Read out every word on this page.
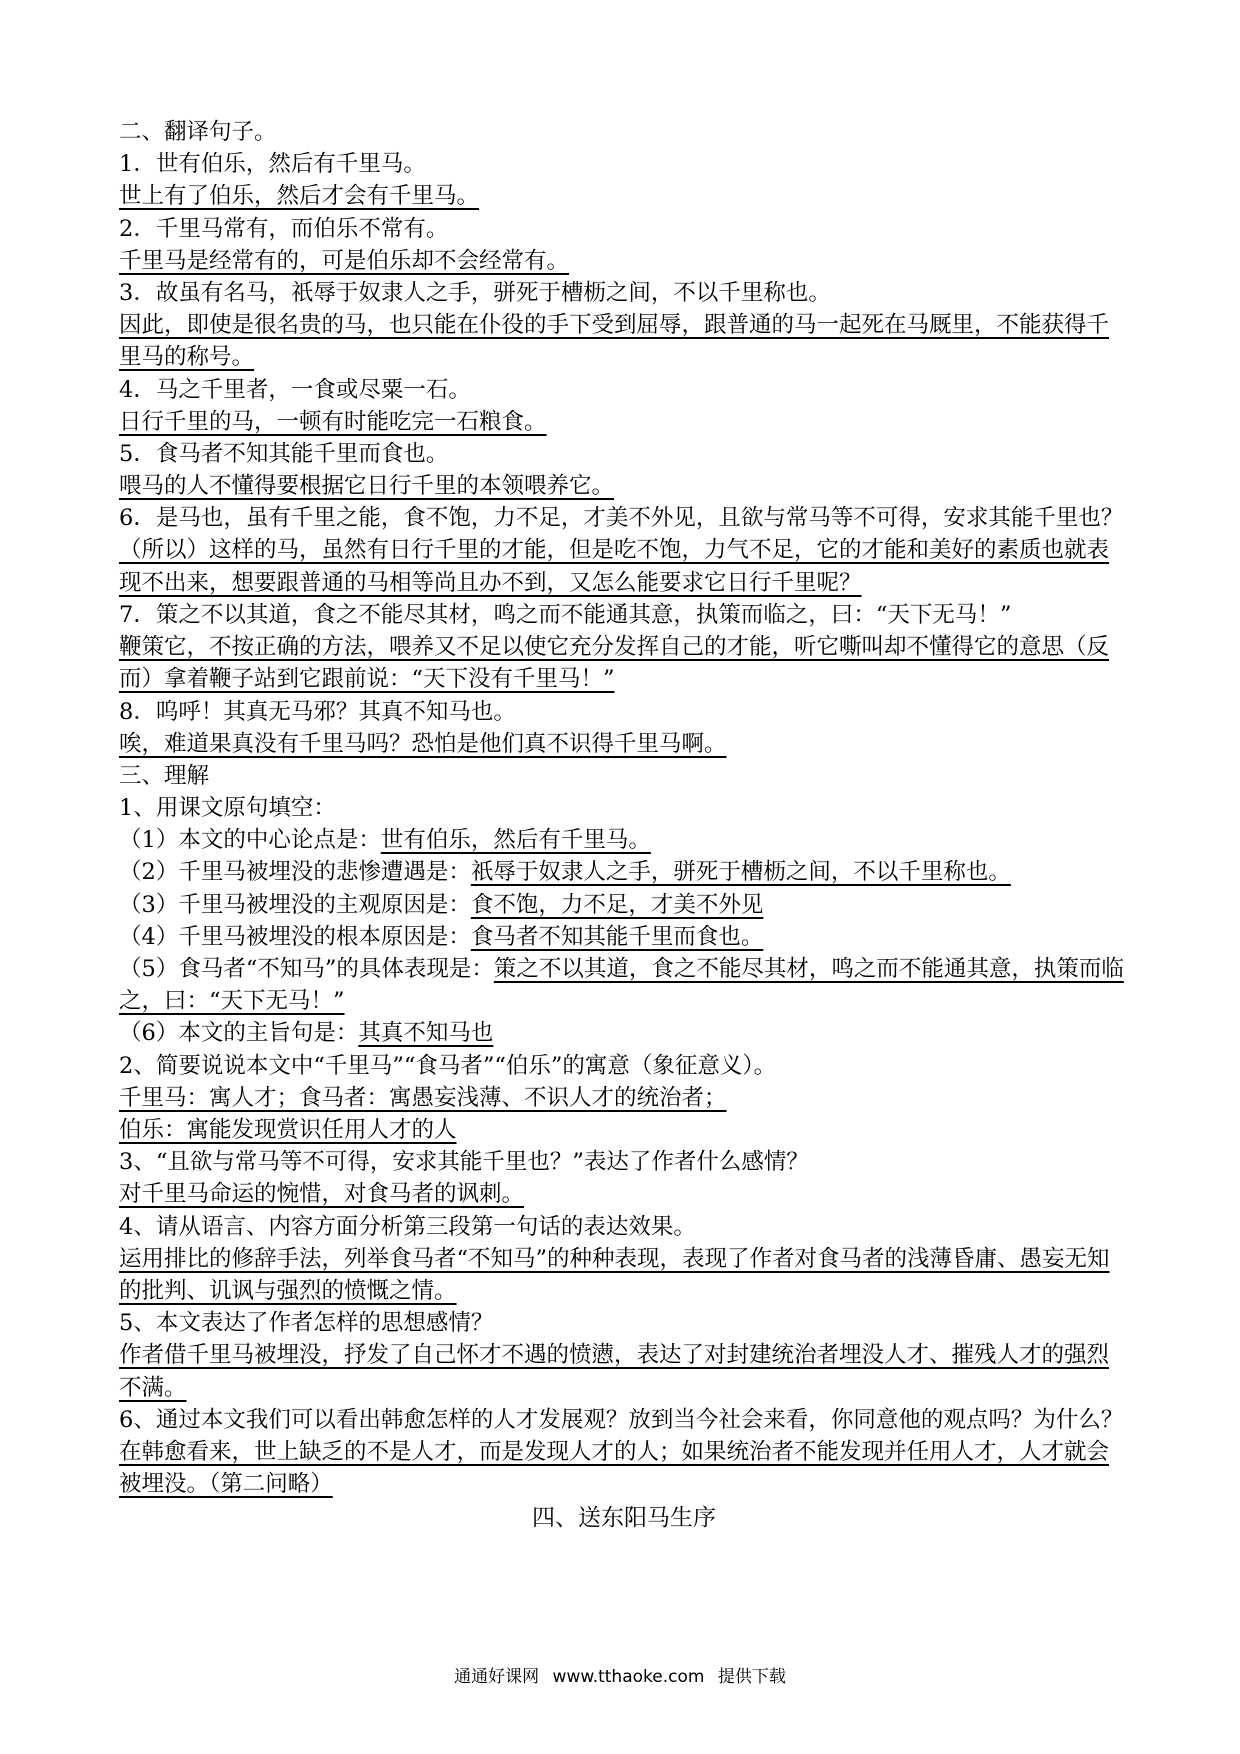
二、翻译句子。
1．世有伯乐，然后有千里马。
世上有了伯乐，然后才会有千里马。
2．千里马常有，而伯乐不常有。
千里马是经常有的，可是伯乐却不会经常有。
3．故虽有名马，祇辱于奴隶人之手，骈死于槽枥之间，不以千里称也。
因此，即使是很名贵的马，也只能在仆役的手下受到屈辱，跟普通的马一起死在马厩里，不能获得千里马的称号。
4．马之千里者，一食或尽粟一石。
日行千里的马，一顿有时能吃完一石粮食。
5．食马者不知其能千里而食也。
喂马的人不懂得要根据它日行千里的本领喂养它。
6．是马也，虽有千里之能，食不饱，力不足，才美不外见，且欲与常马等不可得，安求其能千里也？
（所以）这样的马，虽然有日行千里的才能，但是吃不饱，力气不足，它的才能和美好的素质也就表现不出来，想要跟普通的马相等尚且办不到，又怎么能要求它日行千里呢？
7．策之不以其道，食之不能尽其材，鸣之而不能通其意，执策而临之，曰：“天下无马！”
鞭策它，不按正确的方法，喂养又不足以使它充分发挥自己的才能，听它嘶叫却不懂得它的意思（反而）拿着鞭子站到它跟前说：“天下没有千里马！”
8．呜呼！其真无马邪？其真不知马也。
唉，难道果真没有千里马吗？恐怕是他们真不识得千里马啊。
三、理解
1、用课文原句填空：
（1）本文的中心论点是：世有伯乐，然后有千里马。
（2）千里马被埋没的悲惨遭遇是：祇辱于奴隶人之手，骈死于槽枥之间，不以千里称也。
（3）千里马被埋没的主观原因是：食不饱，力不足，才美不外见
（4）千里马被埋没的根本原因是：食马者不知其能千里而食也。
（5）食马者“不知马”的具体表现是：策之不以其道，食之不能尽其材，鸣之而不能通其意，执策而临之，曰：“天下无马！”
（6）本文的主旨句是：其真不知马也
2、简要说说本文中“千里马”“食马者”“伯乐”的寓意（象征意义）。
千里马：寓人才；食马者：寓愚妄浅薄、不识人才的统治者；
伯乐：寓能发现赏识任用人才的人
3、“且欲与常马等不可得，安求其能千里也？”表达了作者什么感情？
对千里马命运的惋惜，对食马者的讽刺。
4、请从语言、内容方面分析第三段第一句话的表达效果。
运用排比的修辞手法，列举食马者“不知马”的种种表现，表现了作者对食马者的浅薄昏庸、愚妄无知的批判、讥讽与强烈的愤慨之情。
5、本文表达了作者怎样的思想感情？
作者借千里马被埋没，抒发了自己怀才不遇的愤懑，表达了对封建统治者埋没人才、摧残人才的强烈不满。
6、通过本文我们可以看出韩愈怎样的人才发展观？放到当今社会来看，你同意他的观点吗？为什么？
在韩愈看来，世上缺乏的不是人才，而是发现人才的人；如果统治者不能发现并任用人才，人才就会被埋没。（第二问略）
四、送东阳马生序
通通好课网 www.tthaoke.com 提供下载
